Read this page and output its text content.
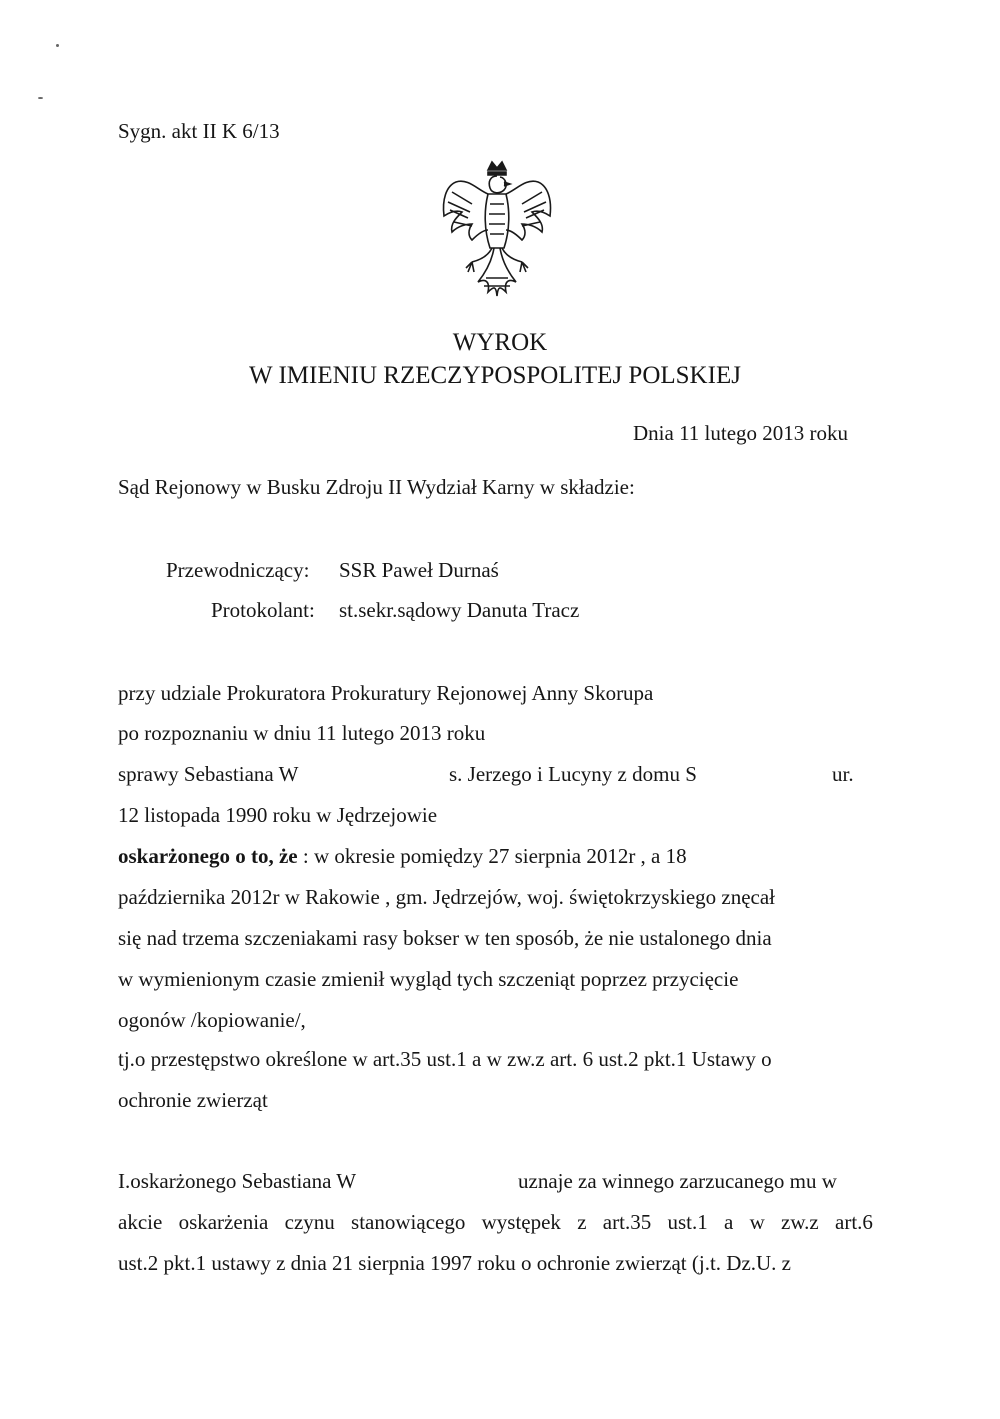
Sygn. akt II K 6/13
WYROK
W IMIENIU RZECZYPOSPOLITEJ POLSKIEJ
Dnia 11 lutego 2013 roku
Sąd Rejonowy w Busku Zdroju II Wydział Karny w składzie:
Przewodniczący: SSR Paweł Durnaś
Protokolant: st.sekr.sądowy Danuta Tracz
przy udziale Prokuratora Prokuratury Rejonowej Anny Skorupa
po rozpoznaniu w dniu 11 lutego 2013 roku
sprawy Sebastiana W	s. Jerzego i Lucyny z domu S	ur.
12 listopada 1990 roku w Jędrzejowie
oskarżonego o to, że : w okresie pomiędzy 27 sierpnia 2012r , a 18
października 2012r w Rakowie , gm. Jędrzejów, woj. świętokrzyskiego znęcał
się nad trzema szczeniakami rasy bokser w ten sposób, że nie ustalonego dnia
w wymienionym czasie zmienił wygląd tych szczeniąt poprzez przycięcie
ogonów /kopiowanie/,
tj.o przestępstwo określone w art.35 ust.1 a w zw.z art. 6 ust.2 pkt.1 Ustawy o
ochronie zwierząt
I.oskarżonego Sebastiana W	uznaje za winnego zarzucanego mu w
akcie oskarżenia czynu stanowiącego występek z art.35 ust.1 a w zw.z art.6
ust.2 pkt.1 ustawy z dnia 21 sierpnia 1997 roku o ochronie zwierząt (j.t. Dz.U. z
